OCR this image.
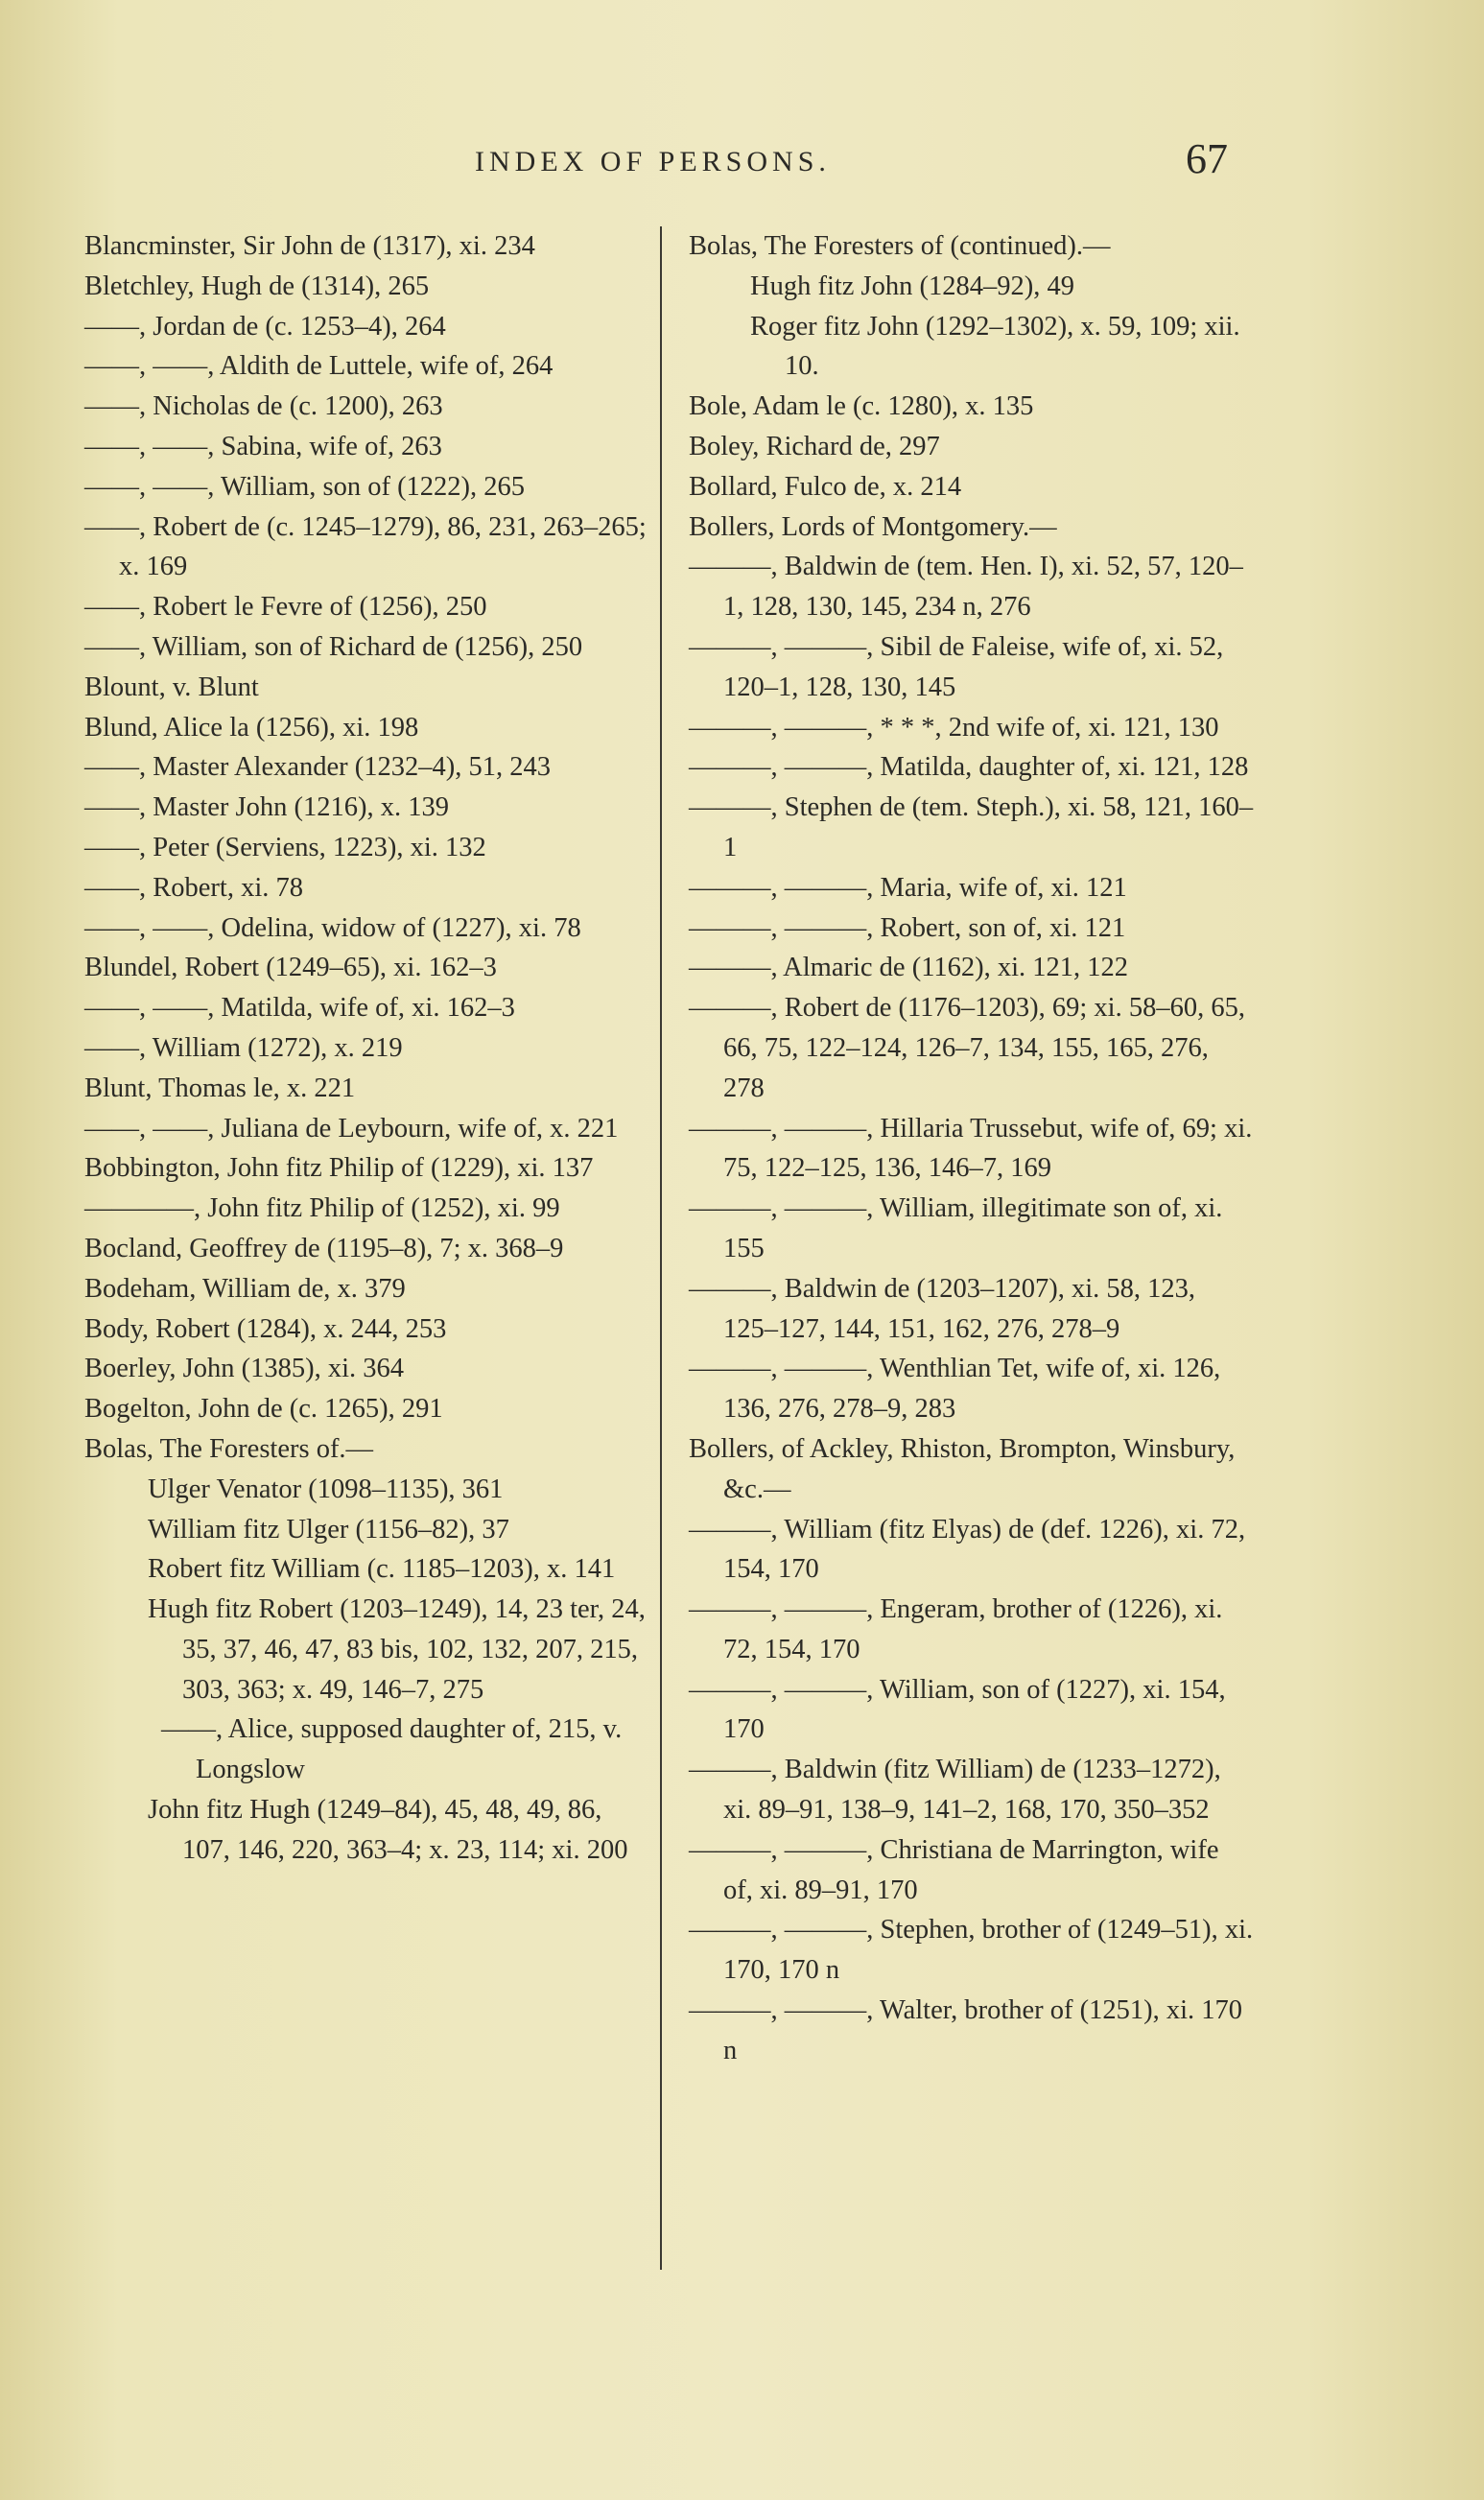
INDEX OF PERSONS.	67

Blancminster, Sir John de (1317), xi. 234

Bletchley, Hugh de (1314), 265

——, Jordan de (c. 1253–4), 264

——, ——, Aldith de Luttele, wife of, 264

——, Nicholas de (c. 1200), 263

——, ——, Sabina, wife of, 263

——, ——, William, son of (1222), 265

——, Robert de (c. 1245–1279), 86, 231, 263–265; x. 169

——, Robert le Fevre of (1256), 250

——, William, son of Richard de (1256), 250

Blount, v. Blunt

Blund, Alice la (1256), xi. 198

——, Master Alexander (1232–4), 51, 243

——, Master John (1216), x. 139

——, Peter (Serviens, 1223), xi. 132

——, Robert, xi. 78

——, ——, Odelina, widow of (1227), xi. 78

Blundel, Robert (1249–65), xi. 162–3

——, ——, Matilda, wife of, xi. 162–3

——, William (1272), x. 219

Blunt, Thomas le, x. 221

——, ——, Juliana de Leybourn, wife of, x. 221

Bobbington, John fitz Philip of (1229), xi. 137

————, John fitz Philip of (1252), xi. 99

Bocland, Geoffrey de (1195–8), 7; x. 368–9

Bodeham, William de, x. 379

Body, Robert (1284), x. 244, 253

Boerley, John (1385), xi. 364

Bogelton, John de (c. 1265), 291

Bolas, The Foresters of.—

Ulger Venator (1098–1135), 361

William fitz Ulger (1156–82), 37

Robert fitz William (c. 1185–1203), x. 141

Hugh fitz Robert (1203–1249), 14, 23 ter, 24, 35, 37, 46, 47, 83 bis, 102, 132, 207, 215, 303, 363; x. 49, 146–7, 275

——, Alice, supposed daughter of, 215, v. Longslow

John fitz Hugh (1249–84), 45, 48, 49, 86, 107, 146, 220, 363–4; x. 23, 114; xi. 200

Bolas, The Foresters of (continued).—

Hugh fitz John (1284–92), 49

Roger fitz John (1292–1302), x. 59, 109; xii. 10.

Bole, Adam le (c. 1280), x. 135

Boley, Richard de, 297

Bollard, Fulco de, x. 214

Bollers, Lords of Montgomery.—

———, Baldwin de (tem. Hen. I), xi. 52, 57, 120–1, 128, 130, 145, 234 n, 276

———, ———, Sibil de Faleise, wife of, xi. 52, 120–1, 128, 130, 145

———, ———, * * *, 2nd wife of, xi. 121, 130

———, ———, Matilda, daughter of, xi. 121, 128

———, Stephen de (tem. Steph.), xi. 58, 121, 160–1

———, ———, Maria, wife of, xi. 121

———, ———, Robert, son of, xi. 121

———, Almaric de (1162), xi. 121, 122

———, Robert de (1176–1203), 69; xi. 58–60, 65, 66, 75, 122–124, 126–7, 134, 155, 165, 276, 278

———, ———, Hillaria Trussebut, wife of, 69; xi. 75, 122–125, 136, 146–7, 169

———, ———, William, illegitimate son of, xi. 155

———, Baldwin de (1203–1207), xi. 58, 123, 125–127, 144, 151, 162, 276, 278–9

———, ———, Wenthlian Tet, wife of, xi. 126, 136, 276, 278–9, 283

Bollers, of Ackley, Rhiston, Brompton, Winsbury, &c.—

———, William (fitz Elyas) de (def. 1226), xi. 72, 154, 170

———, ———, Engeram, brother of (1226), xi. 72, 154, 170

———, ———, William, son of (1227), xi. 154, 170

———, Baldwin (fitz William) de (1233–1272), xi. 89–91, 138–9, 141–2, 168, 170, 350–352

———, ———, Christiana de Marrington, wife of, xi. 89–91, 170

———, ———, Stephen, brother of (1249–51), xi. 170, 170 n

———, ———, Walter, brother of (1251), xi. 170 n
